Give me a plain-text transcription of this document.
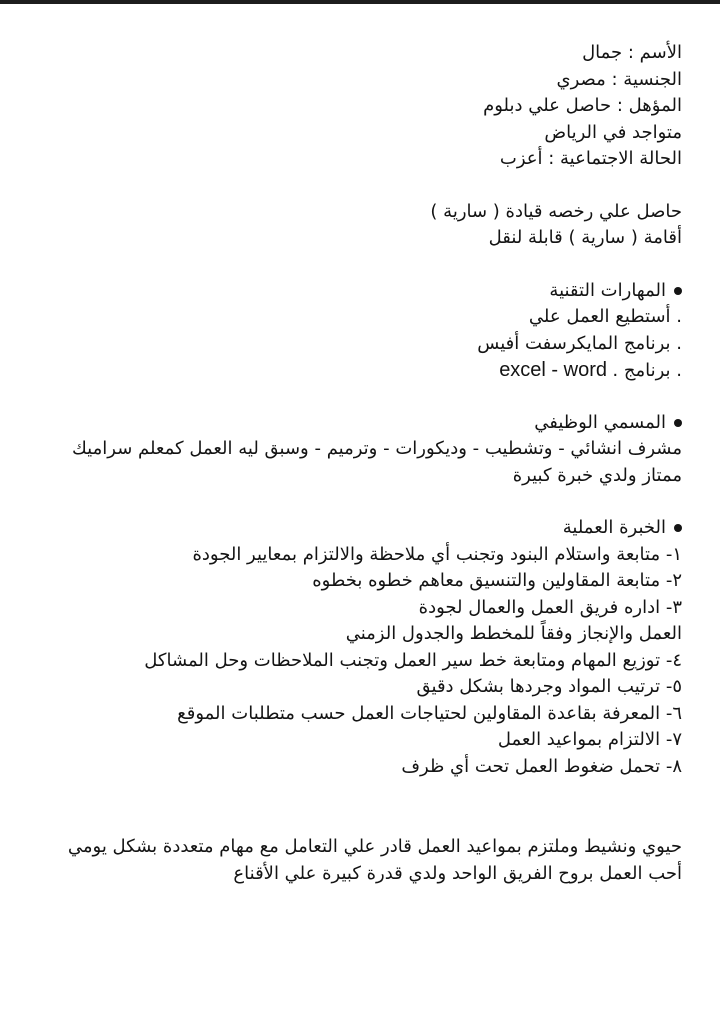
الأسم : جمال
الجنسية : مصري
المؤهل : حاصل علي دبلوم
متواجد في الرياض
الحالة الاجتماعية : أعزب
حاصل علي رخصه قيادة ( سارية )
أقامة ( سارية ) قابلة لنقل
المهارات التقنية
. أستطيع العمل علي
. برنامج المايكرسفت أفيس
. برنامج excel - word .
المسمي الوظيفي
مشرف انشائي - وتشطيب - وديكورات - وترميم - وسبق ليه العمل كمعلم سراميك
ممتاز ولدي خبرة كبيرة
الخبرة العملية
١- متابعة واستلام البنود وتجنب أي ملاحظة والالتزام بمعايير الجودة
٢- متابعة المقاولين والتنسيق معاهم خطوه بخطوه
٣- اداره فريق العمل والعمال لجودة
العمل والإنجاز وفقاً للمخطط والجدول الزمني
٤- توزيع المهام ومتابعة خط سير العمل وتجنب الملاحظات وحل المشاكل
٥- ترتيب المواد وجردها بشكل دقيق
٦- المعرفة بقاعدة المقاولين لحتياجات العمل حسب متطلبات الموقع
٧- الالتزام بمواعيد العمل
٨- تحمل ضغوط العمل تحت أي ظرف
حيوي ونشيط وملتزم بمواعيد العمل قادر علي التعامل مع مهام متعددة بشكل يومي
أحب العمل بروح الفريق الواحد ولدي قدرة كبيرة علي الأقناع
